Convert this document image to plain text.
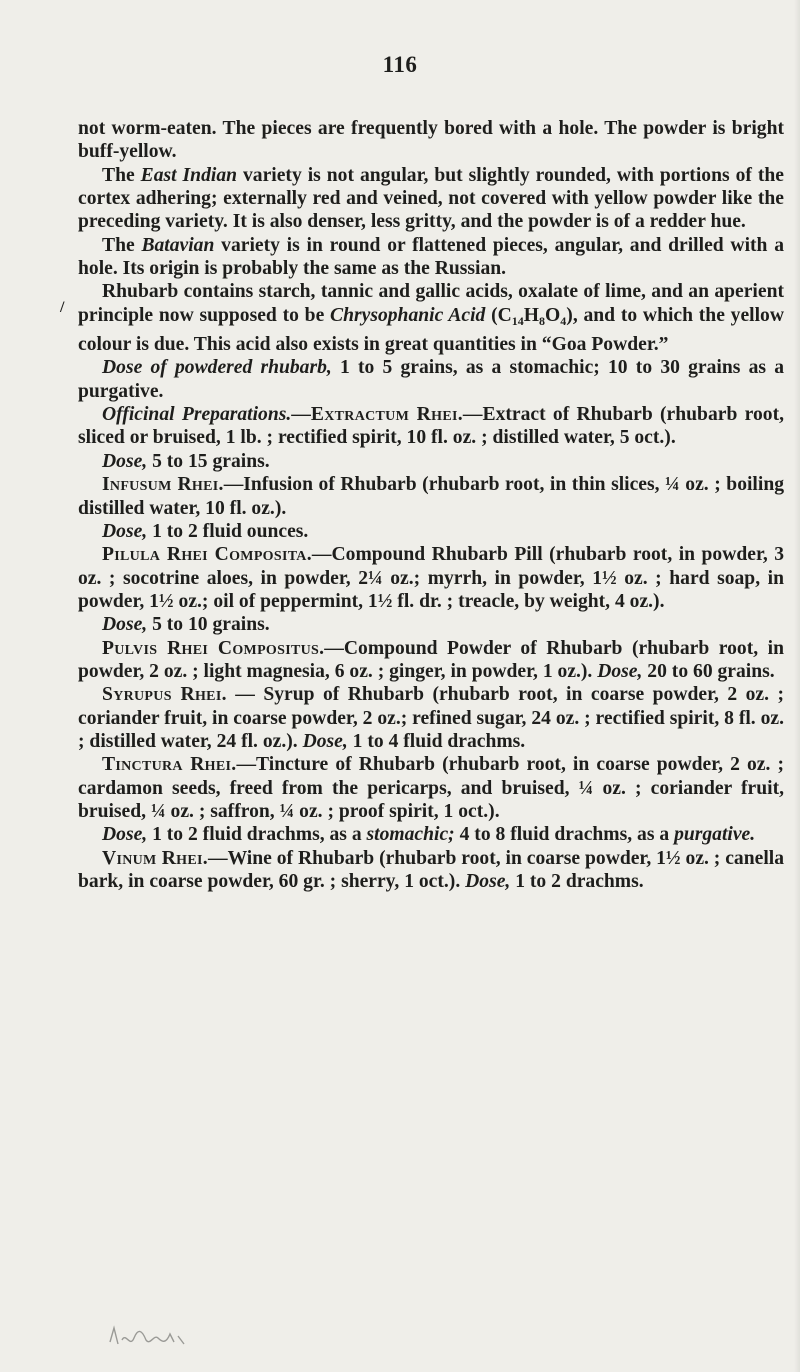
116

not worm-eaten. The pieces are frequently bored with a hole. The powder is bright buff-yellow.

The East Indian variety is not angular, but slightly rounded, with portions of the cortex adhering; externally red and veined, not covered with yellow powder like the preceding variety. It is also denser, less gritty, and the powder is of a redder hue.

The Batavian variety is in round or flattened pieces, angular, and drilled with a hole. Its origin is probably the same as the Russian.

Rhubarb contains starch, tannic and gallic acids, oxalate of lime, and an aperient principle now supposed to be Chrysophanic Acid $(C_{14}H_8O_4)$, and to which the yellow colour is due. This acid also exists in great quantities in “Goa Powder.”

Dose of powdered rhubarb, 1 to 5 grains, as a stomachic; 10 to 30 grains as a purgative.

Officinal Preparations.—Extractum Rhei.—Extract of Rhubarb (rhubarb root, sliced or bruised, 1 lb. ; rectified spirit, 10 fl. oz. ; distilled water, 5 oct.).

Dose, 5 to 15 grains.

Infusum Rhei.—Infusion of Rhubarb (rhubarb root, in thin slices, ¼ oz. ; boiling distilled water, 10 fl. oz.).

Dose, 1 to 2 fluid ounces.

Pilula Rhei Composita.—Compound Rhubarb Pill (rhubarb root, in powder, 3 oz. ; socotrine aloes, in powder, 2¼ oz.; myrrh, in powder, 1½ oz. ; hard soap, in powder, 1½ oz.; oil of peppermint, 1½ fl. dr. ; treacle, by weight, 4 oz.).

Dose, 5 to 10 grains.

Pulvis Rhei Compositus.—Compound Powder of Rhubarb (rhubarb root, in powder, 2 oz. ; light magnesia, 6 oz. ; ginger, in powder, 1 oz.). Dose, 20 to 60 grains.

Syrupus Rhei. — Syrup of Rhubarb (rhubarb root, in coarse powder, 2 oz. ; coriander fruit, in coarse powder, 2 oz.; refined sugar, 24 oz. ; rectified spirit, 8 fl. oz. ; distilled water, 24 fl. oz.). Dose, 1 to 4 fluid drachms.

Tinctura Rhei.—Tincture of Rhubarb (rhubarb root, in coarse powder, 2 oz. ; cardamon seeds, freed from the pericarps, and bruised, ¼ oz. ; coriander fruit, bruised, ¼ oz. ; saffron, ¼ oz. ; proof spirit, 1 oct.).

Dose, 1 to 2 fluid drachms, as a stomachic; 4 to 8 fluid drachms, as a purgative.

Vinum Rhei.—Wine of Rhubarb (rhubarb root, in coarse powder, 1½ oz. ; canella bark, in coarse powder, 60 gr. ; sherry, 1 oct.). Dose, 1 to 2 drachms.

/
